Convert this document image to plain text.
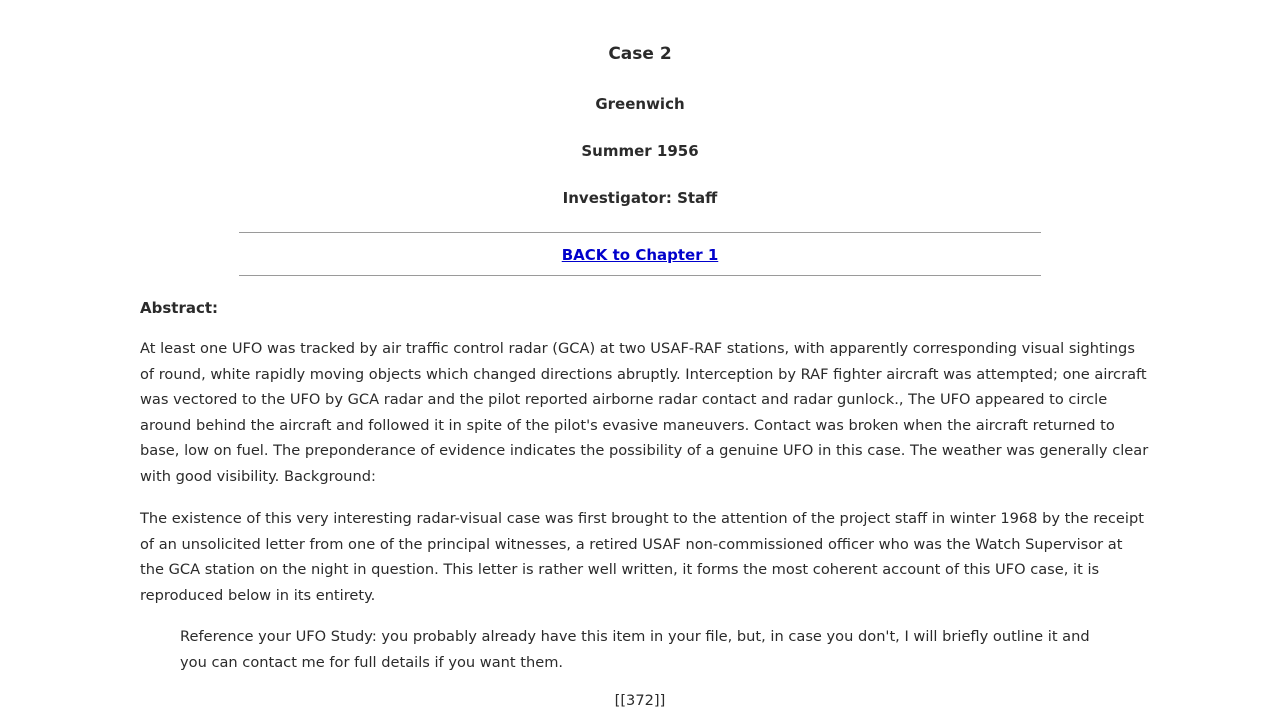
Case 2
Greenwich
Summer 1956
Investigator: Staff
BACK to Chapter 1

Abstract:

At least one UFO was tracked by air traffic control radar (GCA) at two USAF-RAF stations, with apparently corresponding visual sightings of round, white rapidly moving objects which changed directions abruptly. Interception by RAF fighter aircraft was attempted; one aircraft was vectored to the UFO by GCA radar and the pilot reported airborne radar contact and radar gunlock., The UFO appeared to circle around behind the aircraft and followed it in spite of the pilot's evasive maneuvers. Contact was broken when the aircraft returned to base, low on fuel. The preponderance of evidence indicates the possibility of a genuine UFO in this case. The weather was generally clear with good visibility. Background:

The existence of this very interesting radar-visual case was first brought to the attention of the project staff in winter 1968 by the receipt of an unsolicited letter from one of the principal witnesses, a retired USAF non-commissioned officer who was the Watch Supervisor at the GCA station on the night in question. This letter is rather well written, it forms the most coherent account of this UFO case, it is reproduced below in its entirety.

Reference your UFO Study: you probably already have this item in your file, but, in case you don't, I will briefly outline it and you can contact me for full details if you want them.

[[372]]
